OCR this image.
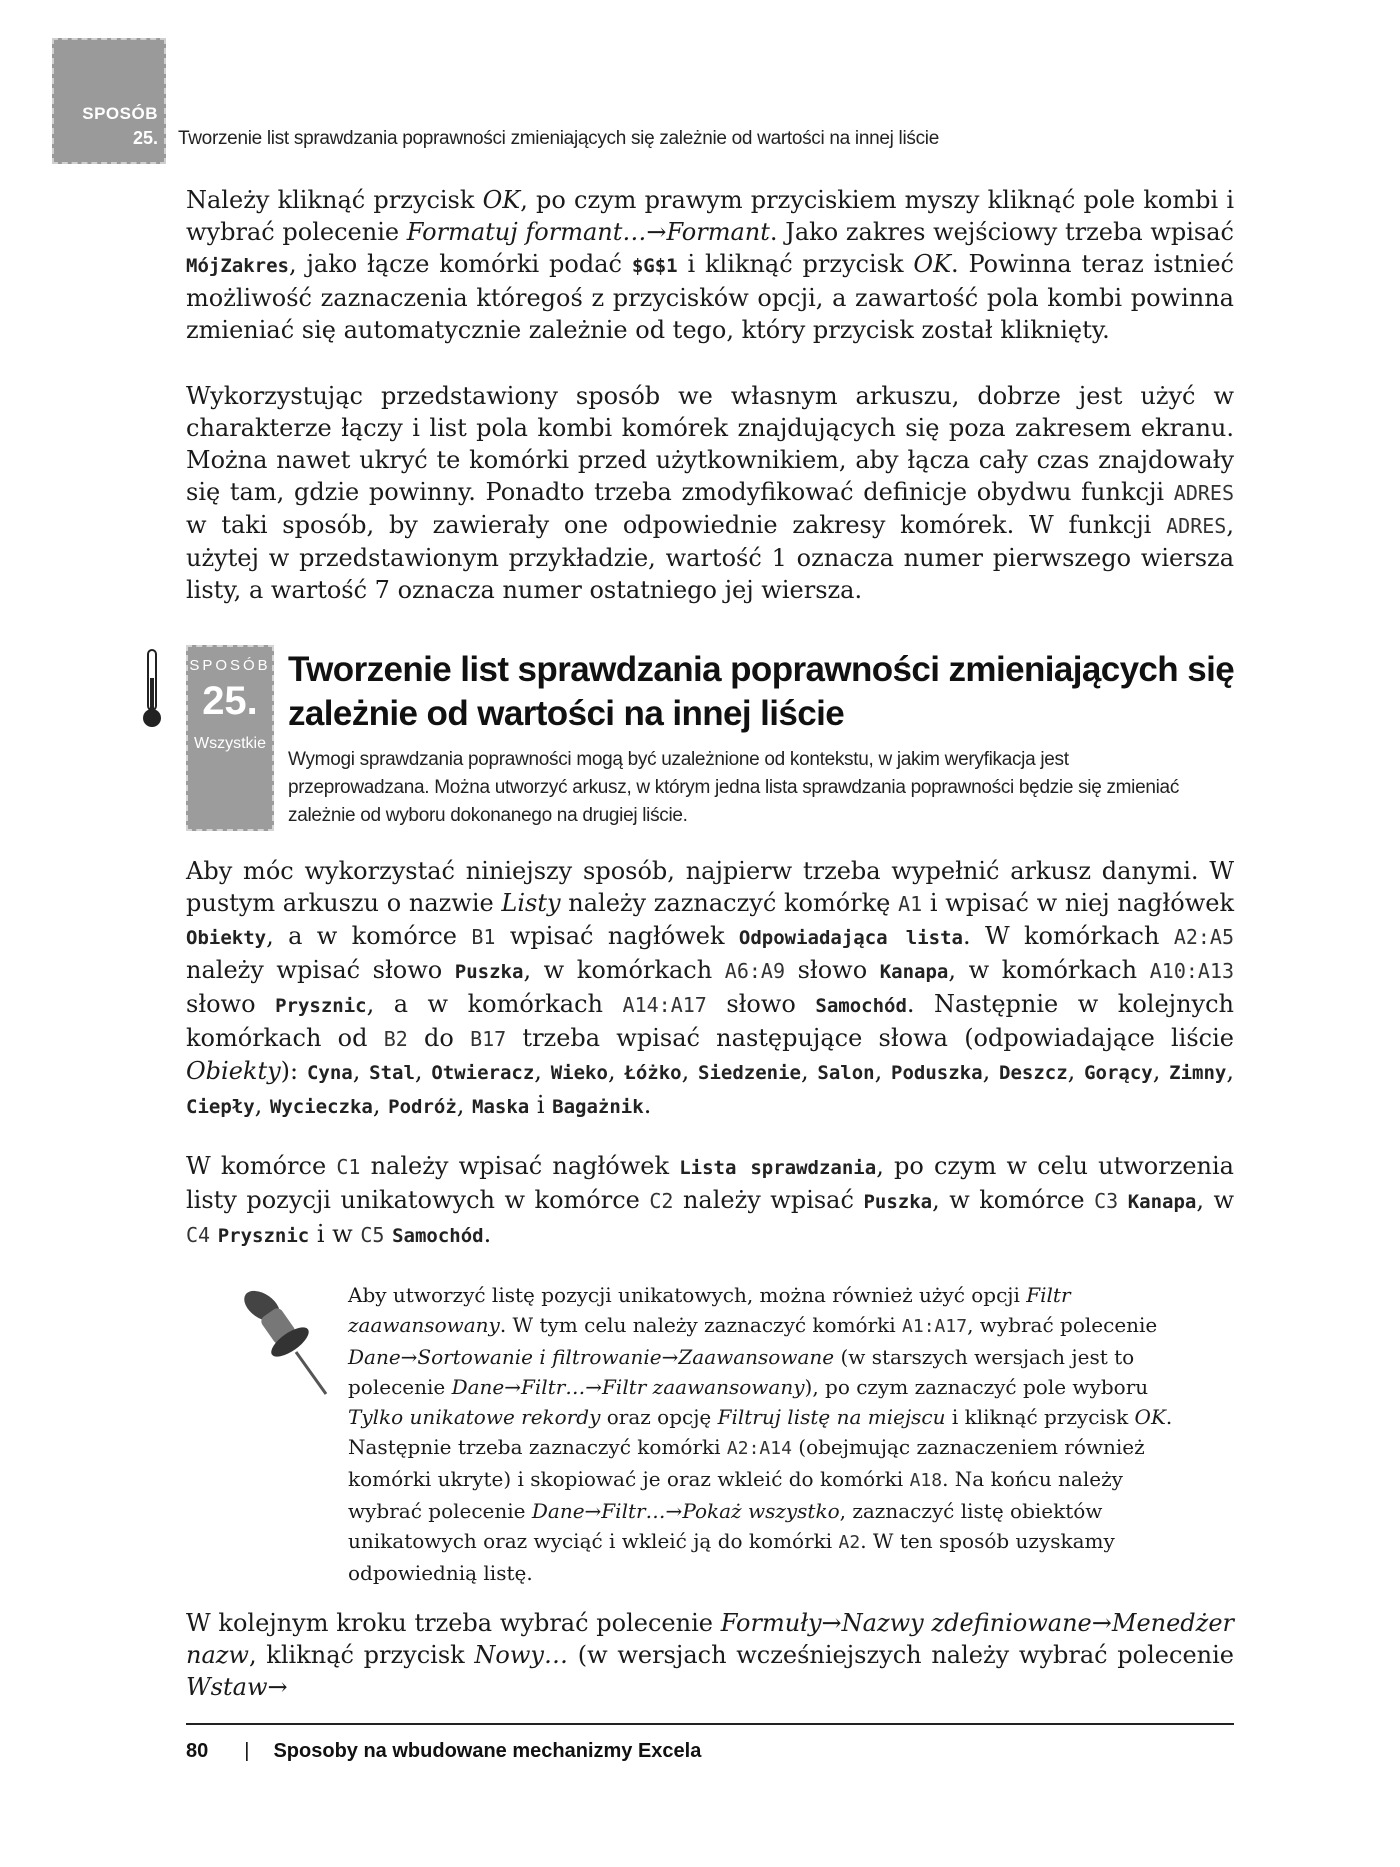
SPOSÓB
25. Tworzenie list sprawdzania poprawności zmieniających się zależnie od wartości na innej liście

Należy kliknąć przycisk OK, po czym prawym przyciskiem myszy kliknąć pole kombi i wybrać polecenie Formatuj formant…→Formant. Jako zakres wejściowy trzeba wpisać MójZakres, jako łącze komórki podać $G$1 i kliknąć przycisk OK. Powinna teraz istnieć możliwość zaznaczenia któregoś z przycisków opcji, a zawartość pola kombi powinna zmieniać się automatycznie zależnie od tego, który przycisk został kliknięty.

Wykorzystując przedstawiony sposób we własnym arkuszu, dobrze jest użyć w charakterze łączy i list pola kombi komórek znajdujących się poza zakresem ekranu. Można nawet ukryć te komórki przed użytkownikiem, aby łącza cały czas znajdowały się tam, gdzie powinny. Ponadto trzeba zmodyfikować definicje obydwu funkcji ADRES w taki sposób, by zawierały one odpowiednie zakresy komórek. W funkcji ADRES, użytej w przedstawionym przykładzie, wartość 1 oznacza numer pierwszego wiersza listy, a wartość 7 oznacza numer ostatniego jej wiersza.

SPOSÓB
25.
Wszystkie
Tworzenie list sprawdzania poprawności zmieniających się zależnie od wartości na innej liście

Wymogi sprawdzania poprawności mogą być uzależnione od kontekstu, w jakim weryfikacja jest przeprowadzana. Można utworzyć arkusz, w którym jedna lista sprawdzania poprawności będzie się zmieniać zależnie od wyboru dokonanego na drugiej liście.

Aby móc wykorzystać niniejszy sposób, najpierw trzeba wypełnić arkusz danymi. W pustym arkuszu o nazwie Listy należy zaznaczyć komórkę A1 i wpisać w niej nagłówek Obiekty, a w komórce B1 wpisać nagłówek Odpowiadająca lista. W komórkach A2:A5 należy wpisać słowo Puszka, w komórkach A6:A9 słowo Kanapa, w komórkach A10:A13 słowo Prysznic, a w komórkach A14:A17 słowo Samochód. Następnie w kolejnych komórkach od B2 do B17 trzeba wpisać następujące słowa (odpowiadające liście Obiekty): Cyna, Stal, Otwieracz, Wieko, Łóżko, Siedzenie, Salon, Poduszka, Deszcz, Gorący, Zimny, Ciepły, Wycieczka, Podróż, Maska i Bagażnik.

W komórce C1 należy wpisać nagłówek Lista sprawdzania, po czym w celu utworzenia listy pozycji unikatowych w komórce C2 należy wpisać Puszka, w komórce C3 Kanapa, w C4 Prysznic i w C5 Samochód.

Aby utworzyć listę pozycji unikatowych, można również użyć opcji Filtr zaawansowany. W tym celu należy zaznaczyć komórki A1:A17, wybrać polecenie Dane→Sortowanie i filtrowanie→Zaawansowane (w starszych wersjach jest to polecenie Dane→Filtr…→Filtr zaawansowany), po czym zaznaczyć pole wyboru Tylko unikatowe rekordy oraz opcję Filtruj listę na miejscu i kliknąć przycisk OK. Następnie trzeba zaznaczyć komórki A2:A14 (obejmując zaznaczeniem również komórki ukryte) i skopiować je oraz wkleić do komórki A18. Na końcu należy wybrać polecenie Dane→Filtr…→Pokaż wszystko, zaznaczyć listę obiektów unikatowych oraz wyciąć i wkleić ją do komórki A2. W ten sposób uzyskamy odpowiednią listę.

W kolejnym kroku trzeba wybrać polecenie Formuły→Nazwy zdefiniowane→Menedżer nazw, kliknąć przycisk Nowy… (w wersjach wcześniejszych należy wybrać polecenie Wstaw→

80 | Sposoby na wbudowane mechanizmy Excela
